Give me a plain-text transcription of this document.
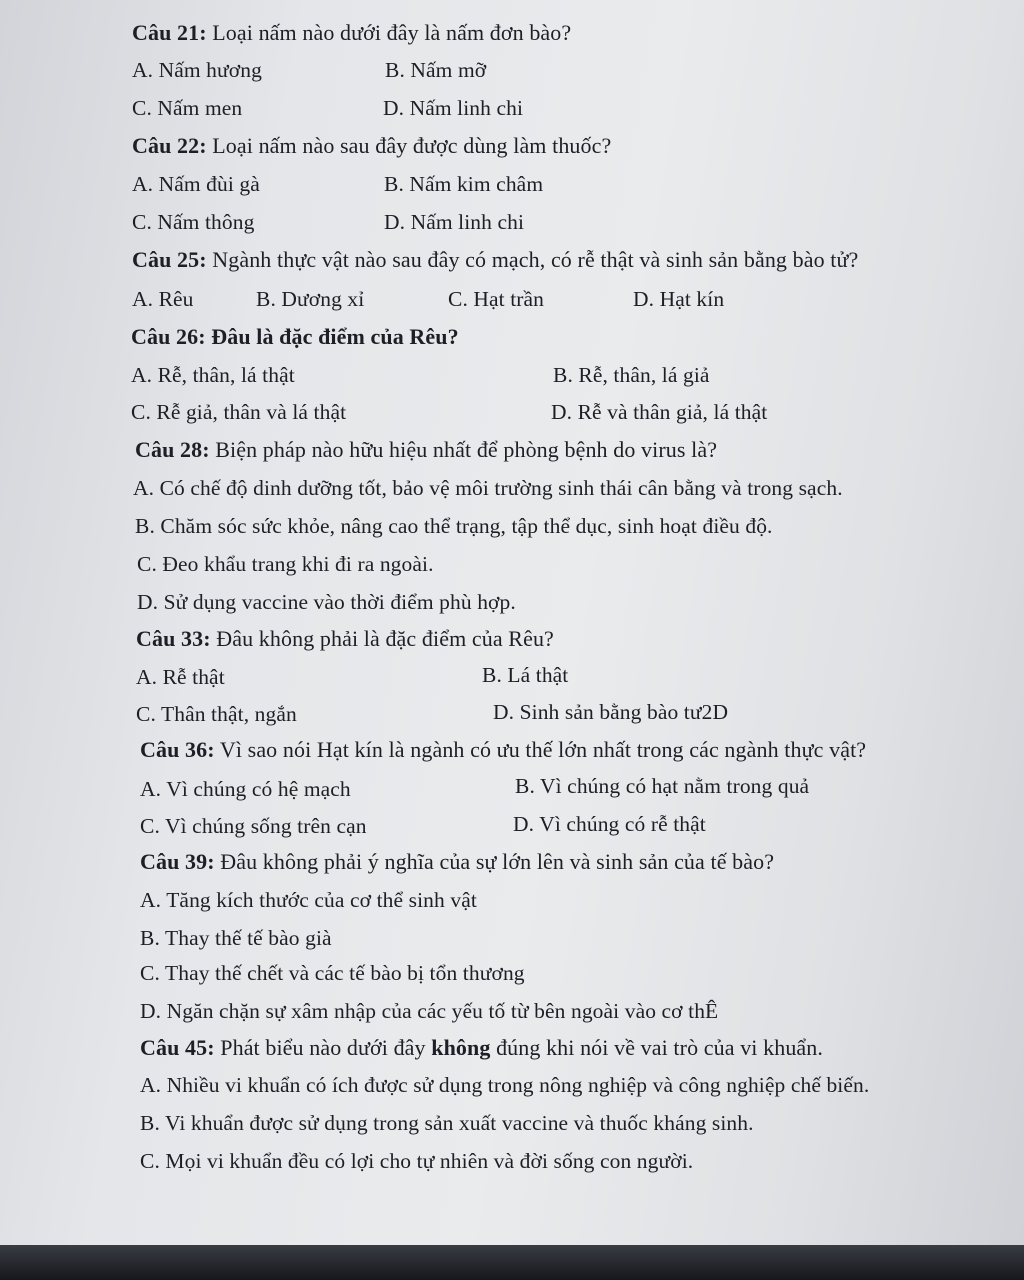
Câu 21: Loại nấm nào dưới đây là nấm đơn bào?
A. Nấm hương	B. Nấm mỡ
C. Nấm men	D. Nấm linh chi
Câu 22: Loại nấm nào sau đây được dùng làm thuốc?
A. Nấm đùi gà	B. Nấm kim châm
C. Nấm thông	D. Nấm linh chi
Câu 25: Ngành thực vật nào sau đây có mạch, có rễ thật và sinh sản bằng bào tử?
A. Rêu	B. Dương xỉ	C. Hạt trần	D. Hạt kín
Câu 26: Đâu là đặc điểm của Rêu?
A. Rễ, thân, lá thật	B. Rễ, thân, lá giả
C. Rễ giả, thân và lá thật	D. Rễ và thân giả, lá thật
Câu 28: Biện pháp nào hữu hiệu nhất để phòng bệnh do virus là?
A. Có chế độ dinh dưỡng tốt, bảo vệ môi trường sinh thái cân bằng và trong sạch.
B. Chăm sóc sức khỏe, nâng cao thể trạng, tập thể dục, sinh hoạt điều độ.
C. Đeo khẩu trang khi đi ra ngoài.
D. Sử dụng vaccine vào thời điểm phù hợp.
Câu 33: Đâu không phải là đặc điểm của Rêu?
A. Rễ thật	B. Lá thật
C. Thân thật, ngắn	D. Sinh sản bằng bào tư2D
Câu 36: Vì sao nói Hạt kín là ngành có ưu thế lớn nhất trong các ngành thực vật?
A. Vì chúng có hệ mạch	B. Vì chúng có hạt nằm trong quả
C. Vì chúng sống trên cạn	D. Vì chúng có rễ thật
Câu 39: Đâu không phải ý nghĩa của sự lớn lên và sinh sản của tế bào?
A. Tăng kích thước của cơ thể sinh vật
B. Thay thế tế bào già
C. Thay thế chết và các tế bào bị tổn thương
D. Ngăn chặn sự xâm nhập của các yếu tố từ bên ngoài vào cơ thÊ
Câu 45: Phát biểu nào dưới đây không đúng khi nói về vai trò của vi khuẩn.
A. Nhiều vi khuẩn có ích được sử dụng trong nông nghiệp và công nghiệp chế biến.
B. Vi khuẩn được sử dụng trong sản xuất vaccine và thuốc kháng sinh.
C. Mọi vi khuẩn đều có lợi cho tự nhiên và đời sống con người.
